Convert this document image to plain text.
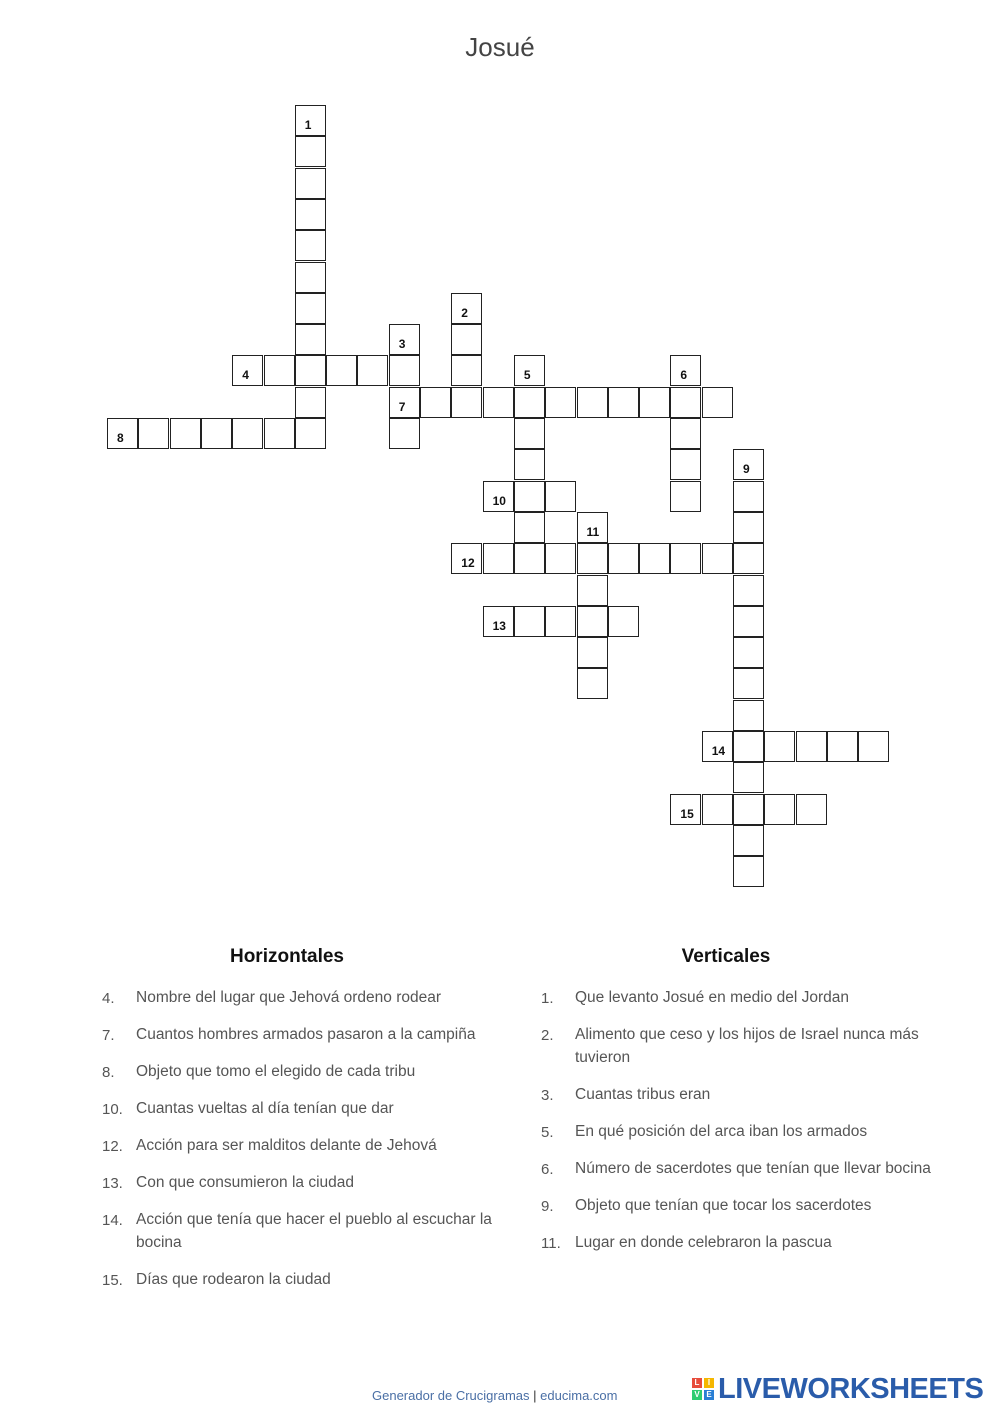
Josué
1
2
3
7
4	5	6
8
9
10
11
12
13
14
15
Horizontales
4.	Nombre del lugar que Jehová ordeno rodear
7.	Cuantos hombres armados pasaron a la campiña
8.	Objeto que tomo el elegido de cada tribu
10. Cuantas vueltas al día tenían que dar
12. Acción para ser malditos delante de Jehová
13. Con que consumieron la ciudad
14. Acción que tenía que hacer el pueblo al escuchar la bocina
15. Días que rodearon la ciudad
Verticales
1.	Que levanto Josué en medio del Jordan
2.	Alimento que ceso y los hijos de Israel nunca más tuvieron
3.	Cuantas tribus eran
5.	En qué posición del arca iban los armados
6.	Número de sacerdotes que tenían que llevar bocina
9.	Objeto que tenían que tocar los sacerdotes
11. Lugar en donde celebraron la pascua
Generador de Crucigramas | educima.com
L	I
V E LIVEWORKSHEETS
